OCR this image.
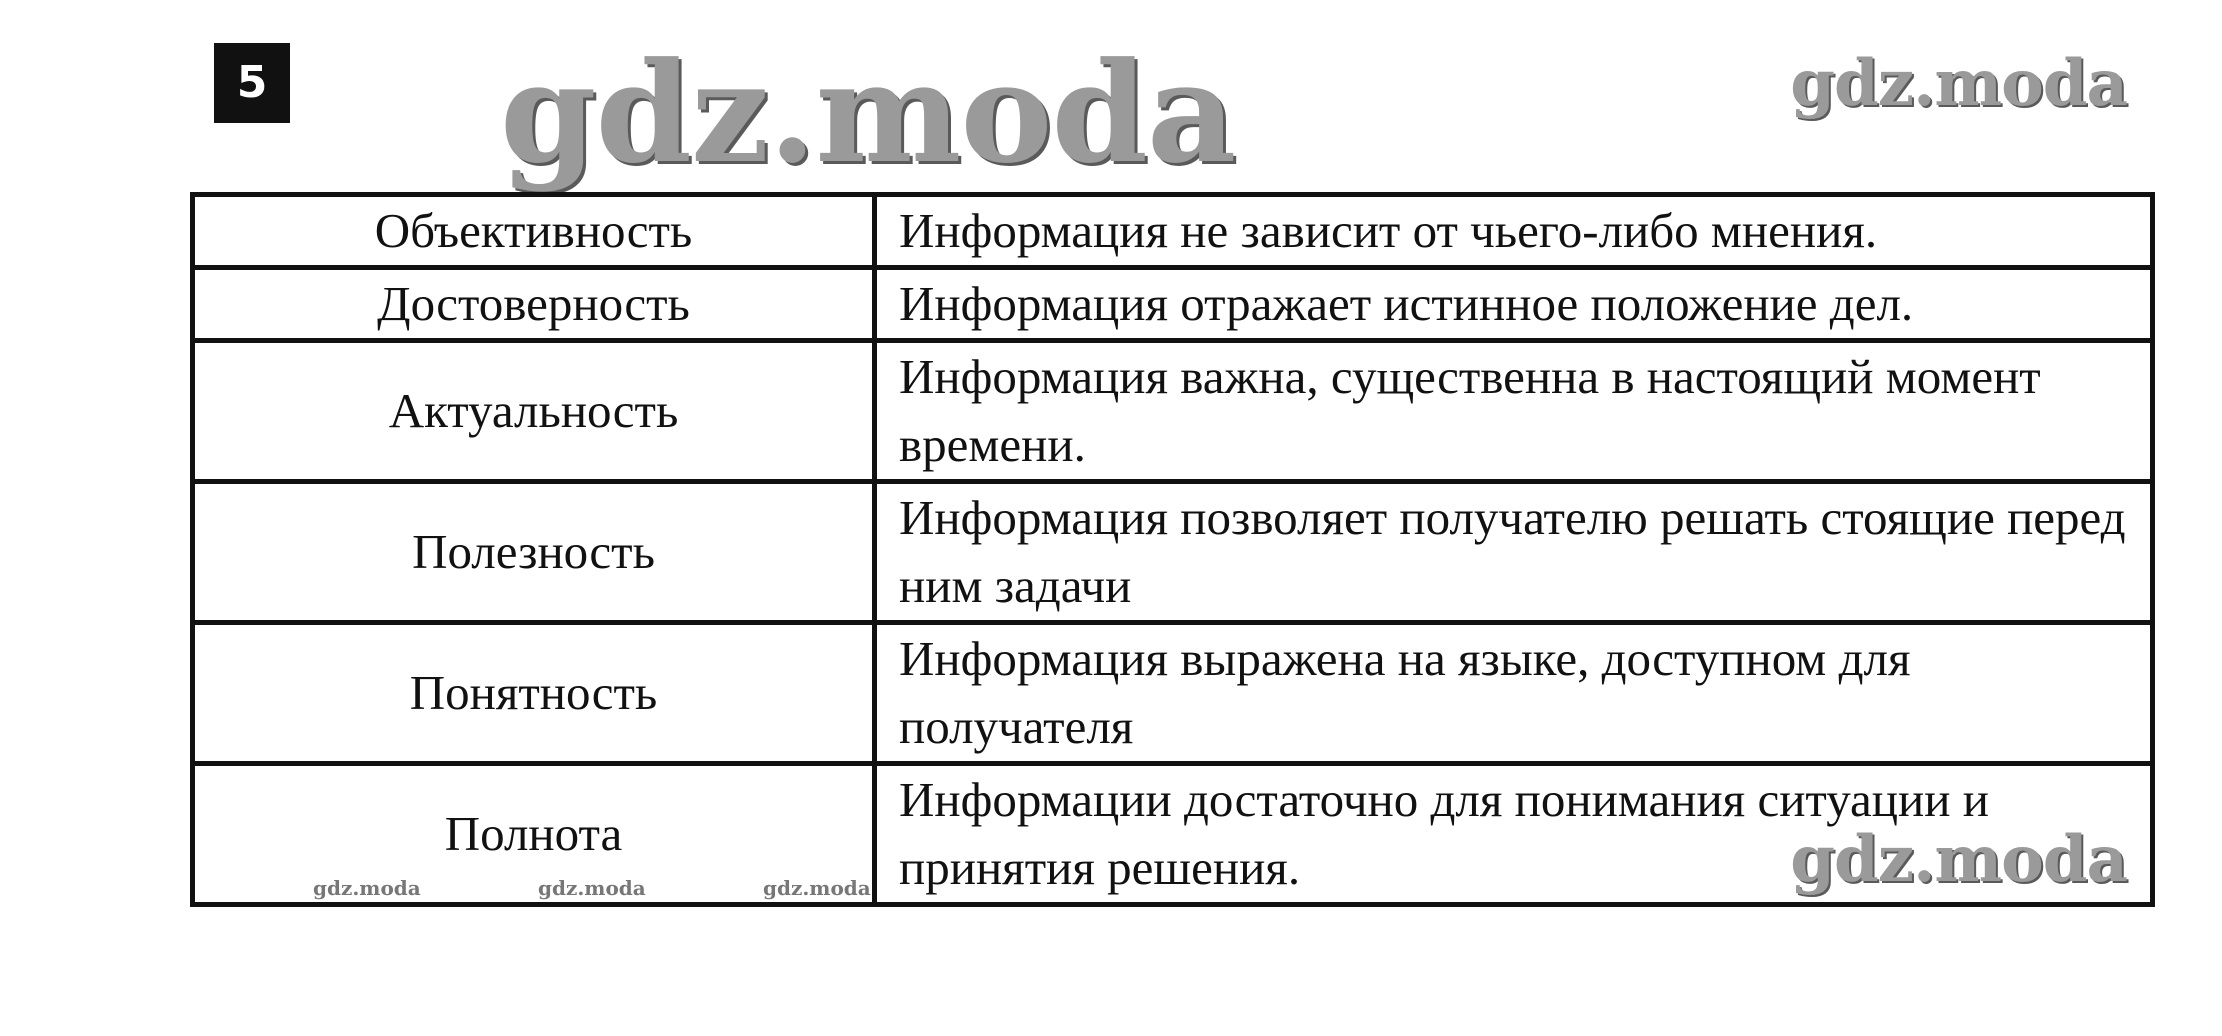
5 gdz.moda	gdz.moda
Объективность	Информация не зависит от чьего-либо мнения.
Достоверность	Информация отражает истинное положение дел.
Актуальность	Информация важна, существенна в настоящий момент времени.
Полезность	Информация позволяет получателю решать стоящие перед ним задачи
Понятность	Информация выражена на языке, доступном для получателя
Полнота	Информации достаточно для понимания ситуации и принятия решения.	gdz.moda
gdz.moda	gdz.moda	gdz.moda
